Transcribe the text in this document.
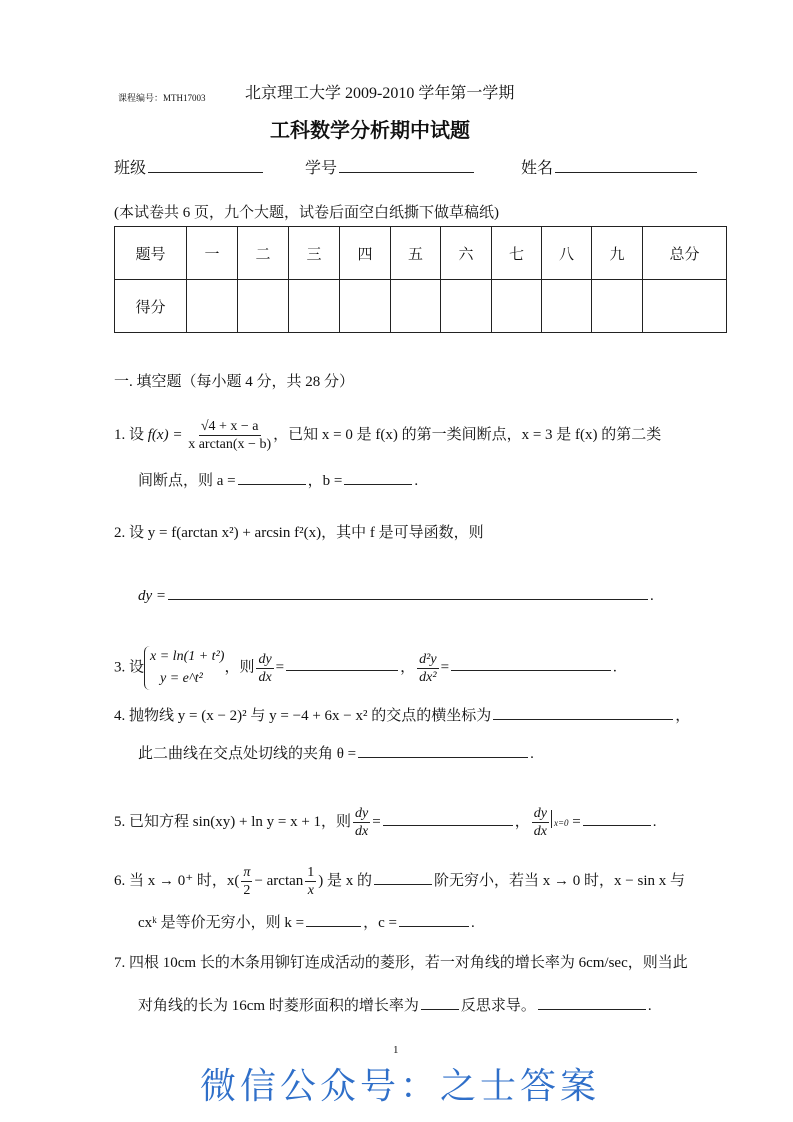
课程编号：MTH17003 北京理工大学 2009-2010 学年第一学期
工科数学分析期中试题
班级	学号	姓名
(本试卷共 6 页，九个大题，试卷后面空白纸撕下做草稿纸)
题号	一	二	三	四	五	六	七	八	九	总分
得分										
一. 填空题（每小题 4 分，共 28 分）
1. 设 $f(x) = \frac{√4 + x - a}{\text{x arctan(x − b)}}$ ，已知 x = 0 是 f(x) 的第一类间断点，x = 3 是 f(x) 的第二类
间断点，则 a =	，b =	.
2. 设 y = f(arctan x²) + arcsin f²(x)，其中 f 是可导函数，则
dy =	.
3. 设
x = ln(1 + t²)
y = e^t²
，则 $\frac{dy}{dx}$ =	， $\frac{\text{d²y}}{\text{dx²}}$ =	.
4. 抛物线 y = (x − 2)² 与 y = −4 + 6x − x² 的交点的横坐标为	，
此二曲线在交点处切线的夹角 θ =	.
5. 已知方程 sin(xy) + ln y = x + 1，则 $\frac{dy}{dx}$ =	， $\frac{dy}{dx} x=0$ =	.
6. 当 x → 0⁺ 时，$x( \frac{\pi}{2} - \arctan \frac{1}{x}$ ) 是 x 的	阶无穷小，若当 x → 0 时，x − sin x 与
cxᵏ 是等价无穷小，则 k =	，c =	.
7. 四根 10cm 长的木条用铆钉连成活动的菱形，若一对角线的增长率为 6cm/sec，则当此
对角线的长为 16cm 时菱形面积的增长率为	反思求导。	.
1
微信公众号：之士答案
